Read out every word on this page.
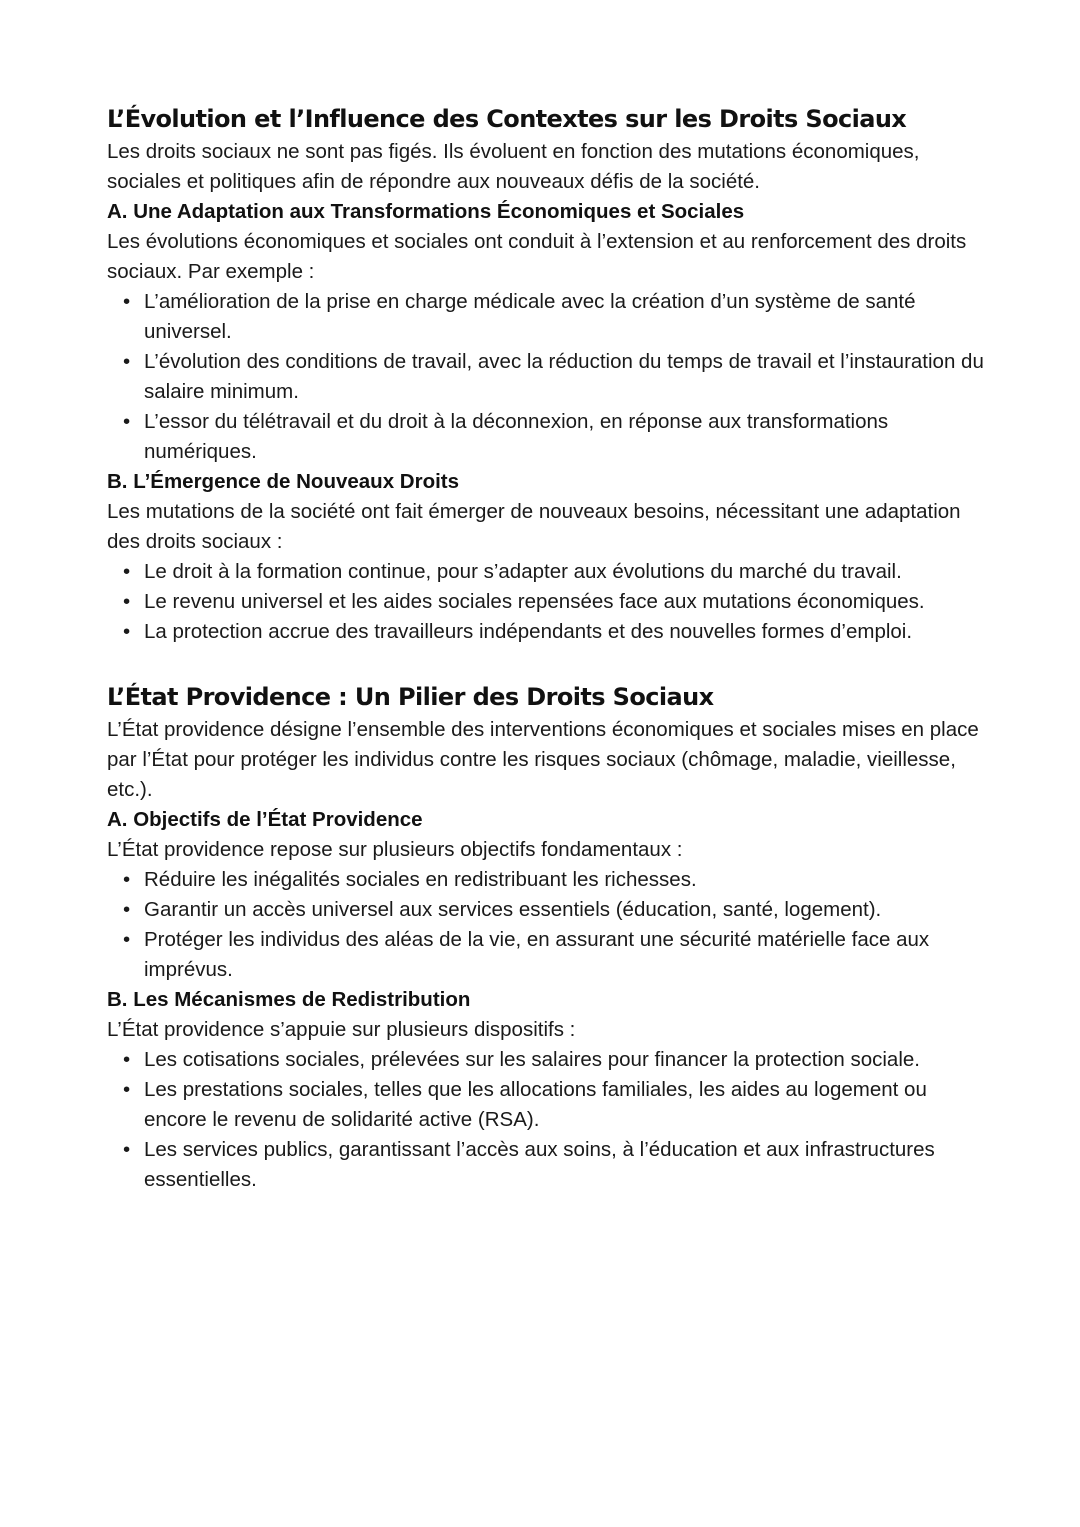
L’Évolution et l’Influence des Contextes sur les Droits Sociaux

Les droits sociaux ne sont pas figés. Ils évoluent en fonction des mutations économiques, sociales et politiques afin de répondre aux nouveaux défis de la société.

A. Une Adaptation aux Transformations Économiques et Sociales

Les évolutions économiques et sociales ont conduit à l’extension et au renforcement des droits sociaux. Par exemple :

• L’amélioration de la prise en charge médicale avec la création d’un système de santé universel.
• L’évolution des conditions de travail, avec la réduction du temps de travail et l’instauration du salaire minimum.
• L’essor du télétravail et du droit à la déconnexion, en réponse aux transformations numériques.
B. L’Émergence de Nouveaux Droits

Les mutations de la société ont fait émerger de nouveaux besoins, nécessitant une adaptation des droits sociaux :

• Le droit à la formation continue, pour s’adapter aux évolutions du marché du travail.
• Le revenu universel et les aides sociales repensées face aux mutations économiques.
• La protection accrue des travailleurs indépendants et des nouvelles formes d’emploi.
L’État Providence : Un Pilier des Droits Sociaux

L’État providence désigne l’ensemble des interventions économiques et sociales mises en place par l’État pour protéger les individus contre les risques sociaux (chômage, maladie, vieillesse, etc.).

A. Objectifs de l’État Providence

L’État providence repose sur plusieurs objectifs fondamentaux :

• Réduire les inégalités sociales en redistribuant les richesses.
• Garantir un accès universel aux services essentiels (éducation, santé, logement).
• Protéger les individus des aléas de la vie, en assurant une sécurité matérielle face aux imprévus.
B. Les Mécanismes de Redistribution

L’État providence s’appuie sur plusieurs dispositifs :

• Les cotisations sociales, prélevées sur les salaires pour financer la protection sociale.
• Les prestations sociales, telles que les allocations familiales, les aides au logement ou encore le revenu de solidarité active (RSA).
• Les services publics, garantissant l’accès aux soins, à l’éducation et aux infrastructures essentielles.
